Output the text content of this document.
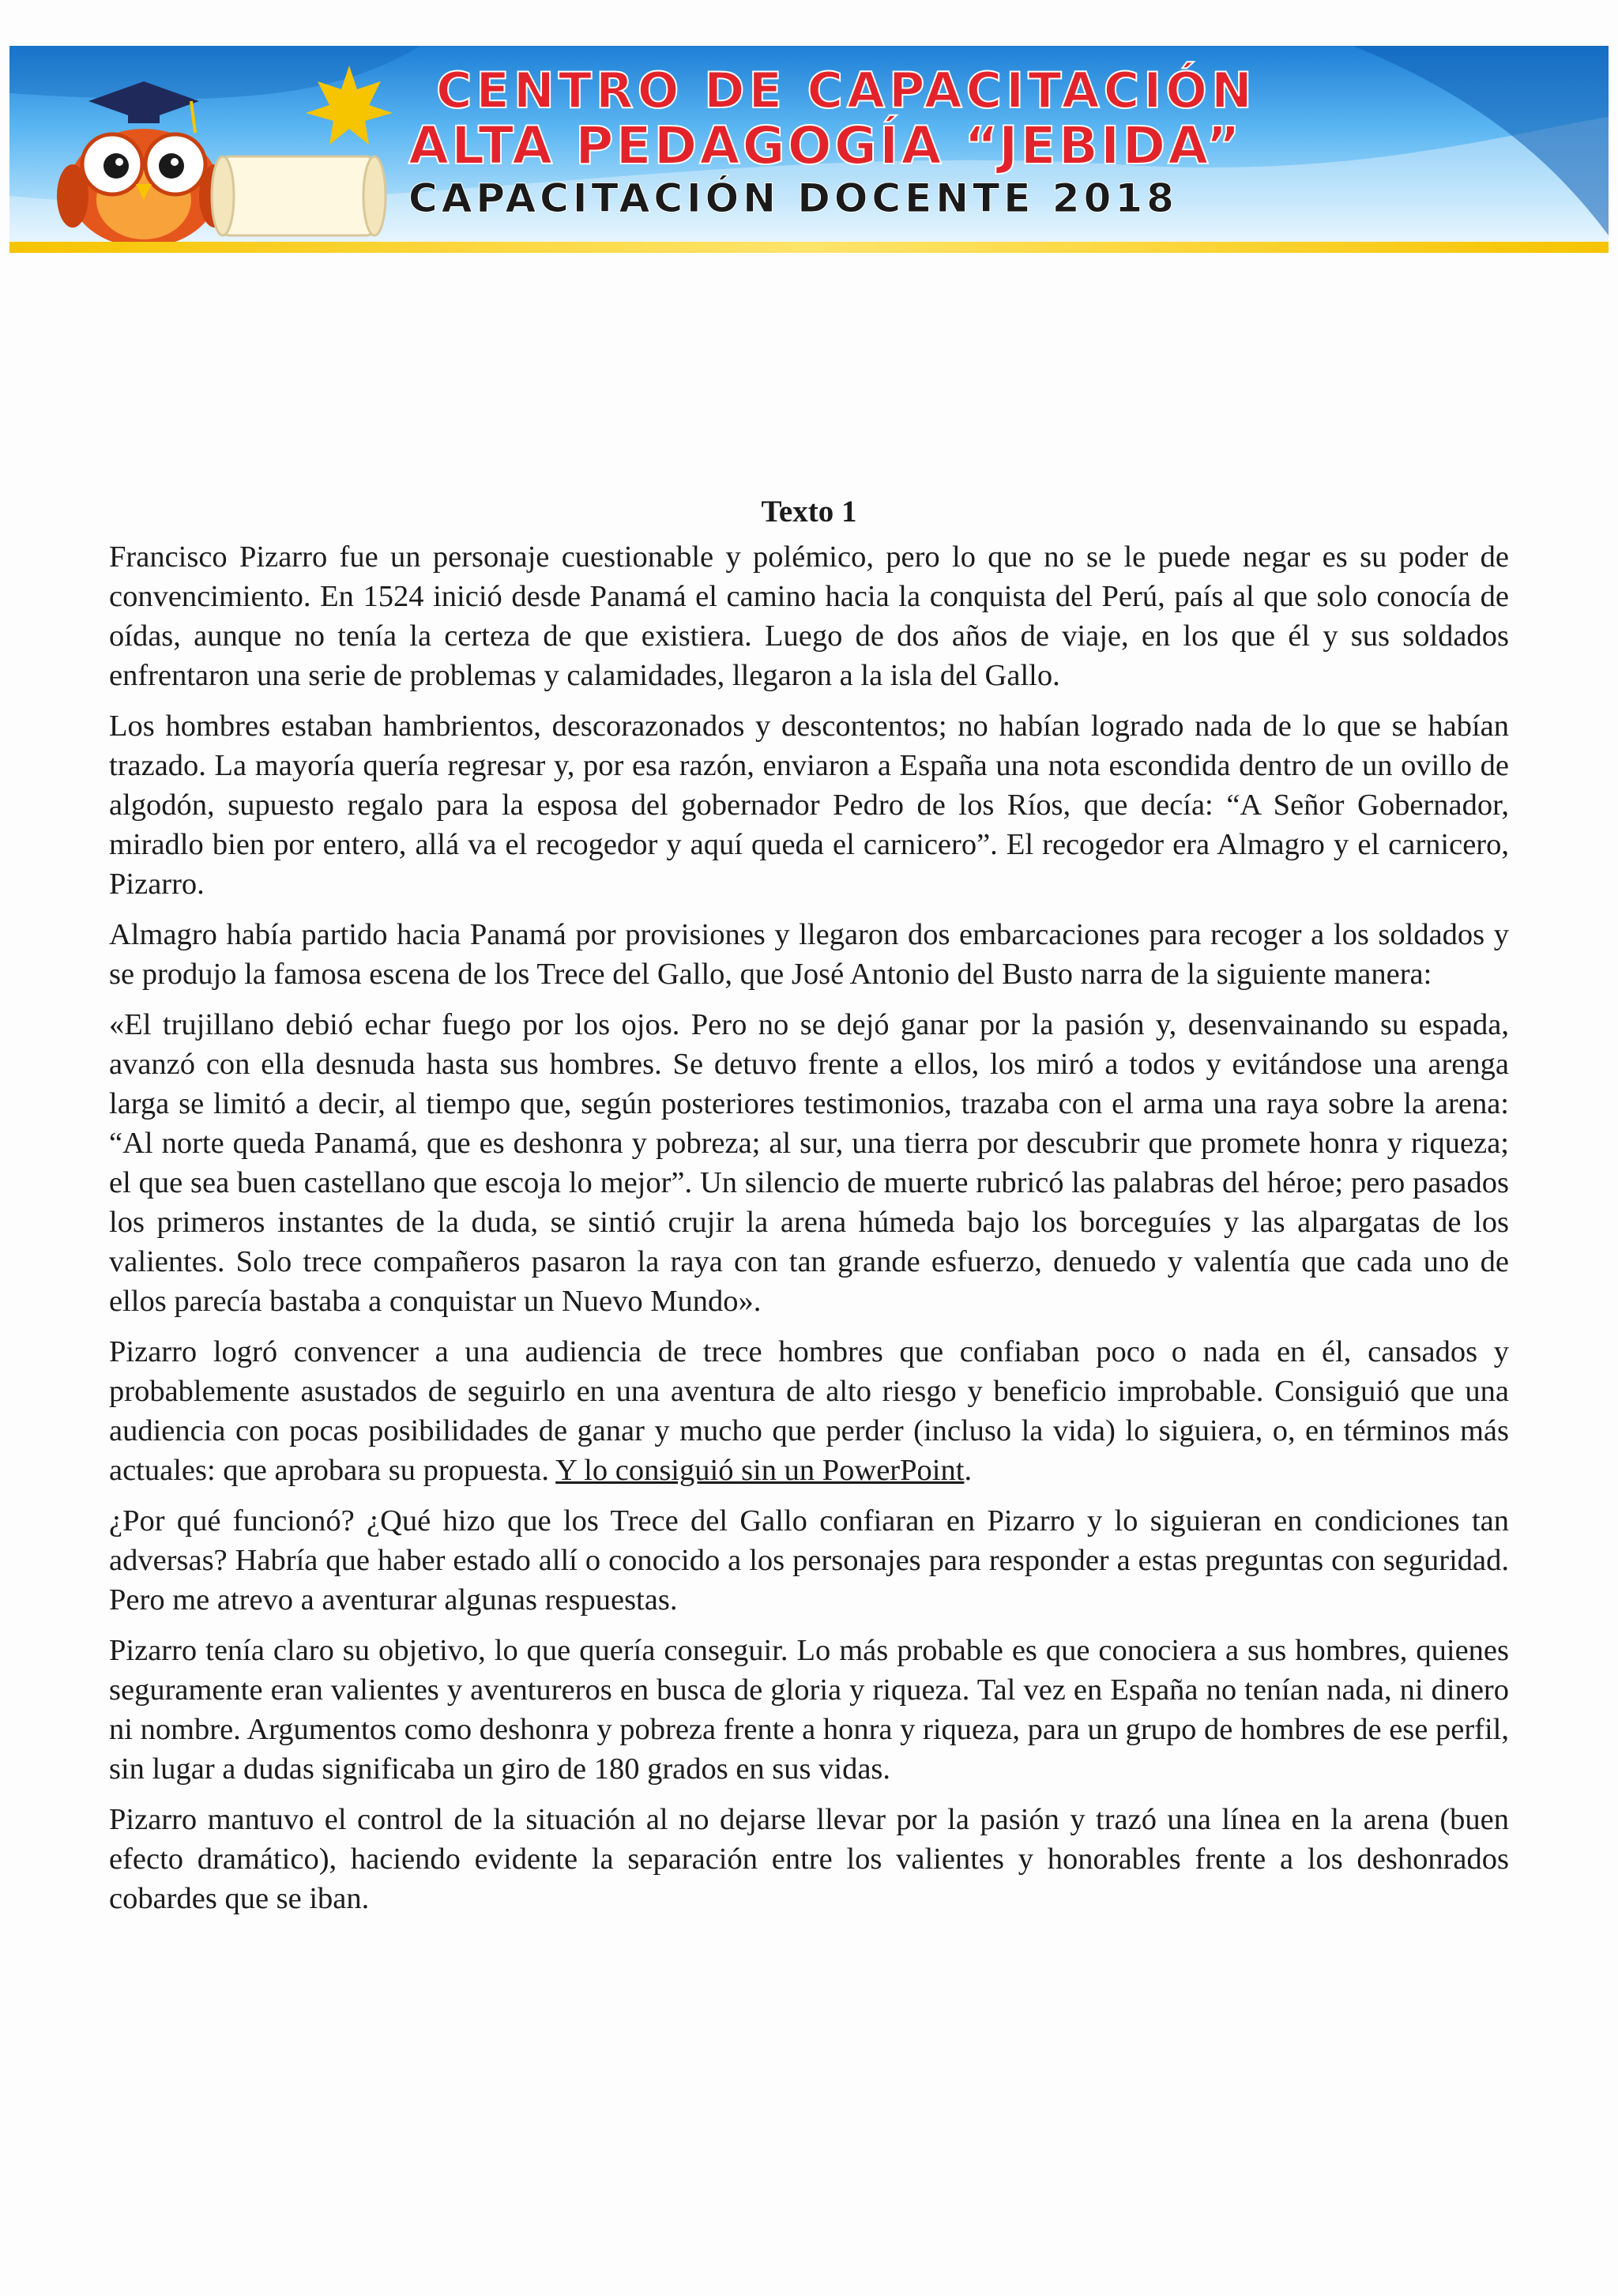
CENTRO DE CAPACITACIÓN
ALTA PEDAGOGÍA “JEBIDA”
CAPACITACIÓN DOCENTE 2018
Texto 1

Francisco Pizarro fue un personaje cuestionable y polémico, pero lo que no se le puede negar es su poder de convencimiento. En 1524 inició desde Panamá el camino hacia la conquista del Perú, país al que solo conocía de oídas, aunque no tenía la certeza de que existiera. Luego de dos años de viaje, en los que él y sus soldados enfrentaron una serie de problemas y calamidades, llegaron a la isla del Gallo.

Los hombres estaban hambrientos, descorazonados y descontentos; no habían logrado nada de lo que se habían trazado. La mayoría quería regresar y, por esa razón, enviaron a España una nota escondida dentro de un ovillo de algodón, supuesto regalo para la esposa del gobernador Pedro de los Ríos, que decía: “A Señor Gobernador, miradlo bien por entero, allá va el recogedor y aquí queda el carnicero”. El recogedor era Almagro y el carnicero, Pizarro.

Almagro había partido hacia Panamá por provisiones y llegaron dos embarcaciones para recoger a los soldados y se produjo la famosa escena de los Trece del Gallo, que José Antonio del Busto narra de la siguiente manera:

«El trujillano debió echar fuego por los ojos. Pero no se dejó ganar por la pasión y, desenvainando su espada, avanzó con ella desnuda hasta sus hombres. Se detuvo frente a ellos, los miró a todos y evitándose una arenga larga se limitó a decir, al tiempo que, según posteriores testimonios, trazaba con el arma una raya sobre la arena: “Al norte queda Panamá, que es deshonra y pobreza; al sur, una tierra por descubrir que promete honra y riqueza; el que sea buen castellano que escoja lo mejor”. Un silencio de muerte rubricó las palabras del héroe; pero pasados los primeros instantes de la duda, se sintió crujir la arena húmeda bajo los borceguíes y las alpargatas de los valientes. Solo trece compañeros pasaron la raya con tan grande esfuerzo, denuedo y valentía que cada uno de ellos parecía bastaba a conquistar un Nuevo Mundo».

Pizarro logró convencer a una audiencia de trece hombres que confiaban poco o nada en él, cansados y probablemente asustados de seguirlo en una aventura de alto riesgo y beneficio improbable. Consiguió que una audiencia con pocas posibilidades de ganar y mucho que perder (incluso la vida) lo siguiera, o, en términos más actuales: que aprobara su propuesta. Y lo consiguió sin un PowerPoint.

¿Por qué funcionó? ¿Qué hizo que los Trece del Gallo confiaran en Pizarro y lo siguieran en condiciones tan adversas? Habría que haber estado allí o conocido a los personajes para responder a estas preguntas con seguridad. Pero me atrevo a aventurar algunas respuestas.

Pizarro tenía claro su objetivo, lo que quería conseguir. Lo más probable es que conociera a sus hombres, quienes seguramente eran valientes y aventureros en busca de gloria y riqueza. Tal vez en España no tenían nada, ni dinero ni nombre. Argumentos como deshonra y pobreza frente a honra y riqueza, para un grupo de hombres de ese perfil, sin lugar a dudas significaba un giro de 180 grados en sus vidas.

Pizarro mantuvo el control de la situación al no dejarse llevar por la pasión y trazó una línea en la arena (buen efecto dramático), haciendo evidente la separación entre los valientes y honorables frente a los deshonrados cobardes que se iban.
